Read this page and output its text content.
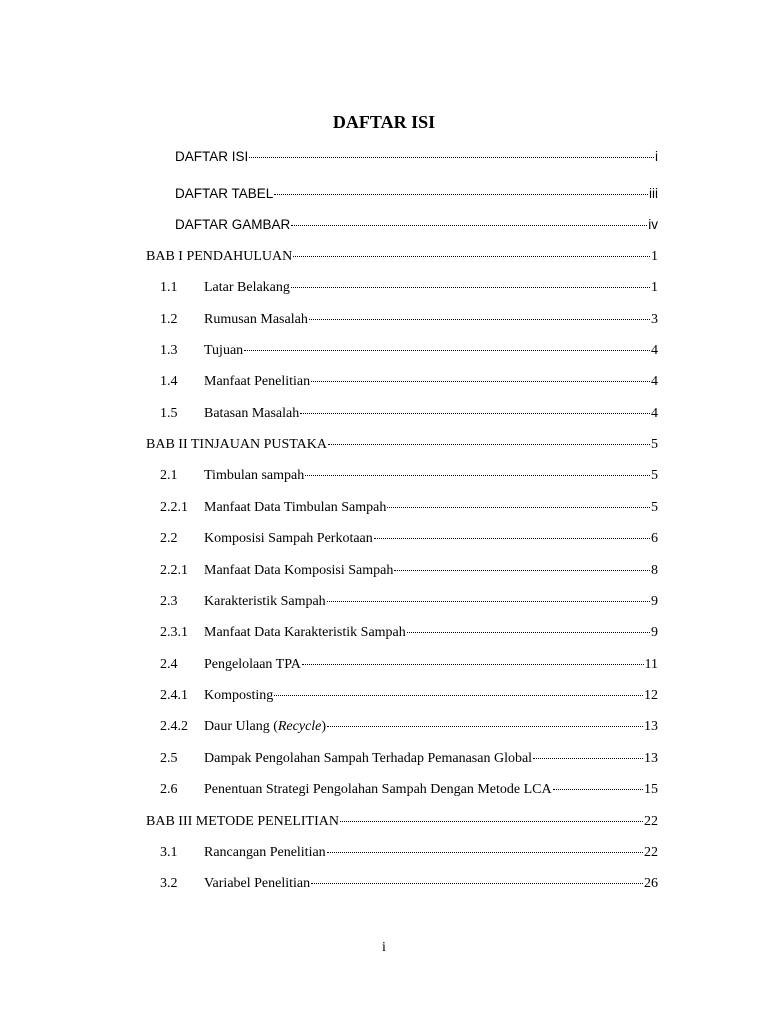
DAFTAR ISI
DAFTAR ISI	i
DAFTAR TABEL	iii
DAFTAR GAMBAR	iv
BAB I PENDAHULUAN	1
1.1	Latar Belakang	1
1.2	Rumusan Masalah	3
1.3	Tujuan	4
1.4	Manfaat Penelitian	4
1.5	Batasan Masalah	4
BAB II TINJAUAN PUSTAKA	5
2.1	Timbulan sampah	5
2.2.1	Manfaat Data Timbulan Sampah	5
2.2	Komposisi Sampah Perkotaan	6
2.2.1	Manfaat Data Komposisi Sampah	8
2.3	Karakteristik Sampah	9
2.3.1	Manfaat Data Karakteristik Sampah	9
2.4	Pengelolaan TPA	11
2.4.1	Komposting	12
2.4.2	Daur Ulang (Recycle)	13
2.5	Dampak Pengolahan Sampah Terhadap Pemanasan Global	13
2.6	Penentuan Strategi Pengolahan Sampah Dengan Metode LCA	15
BAB III METODE PENELITIAN	22
3.1	Rancangan Penelitian	22
3.2	Variabel Penelitian	26
i
